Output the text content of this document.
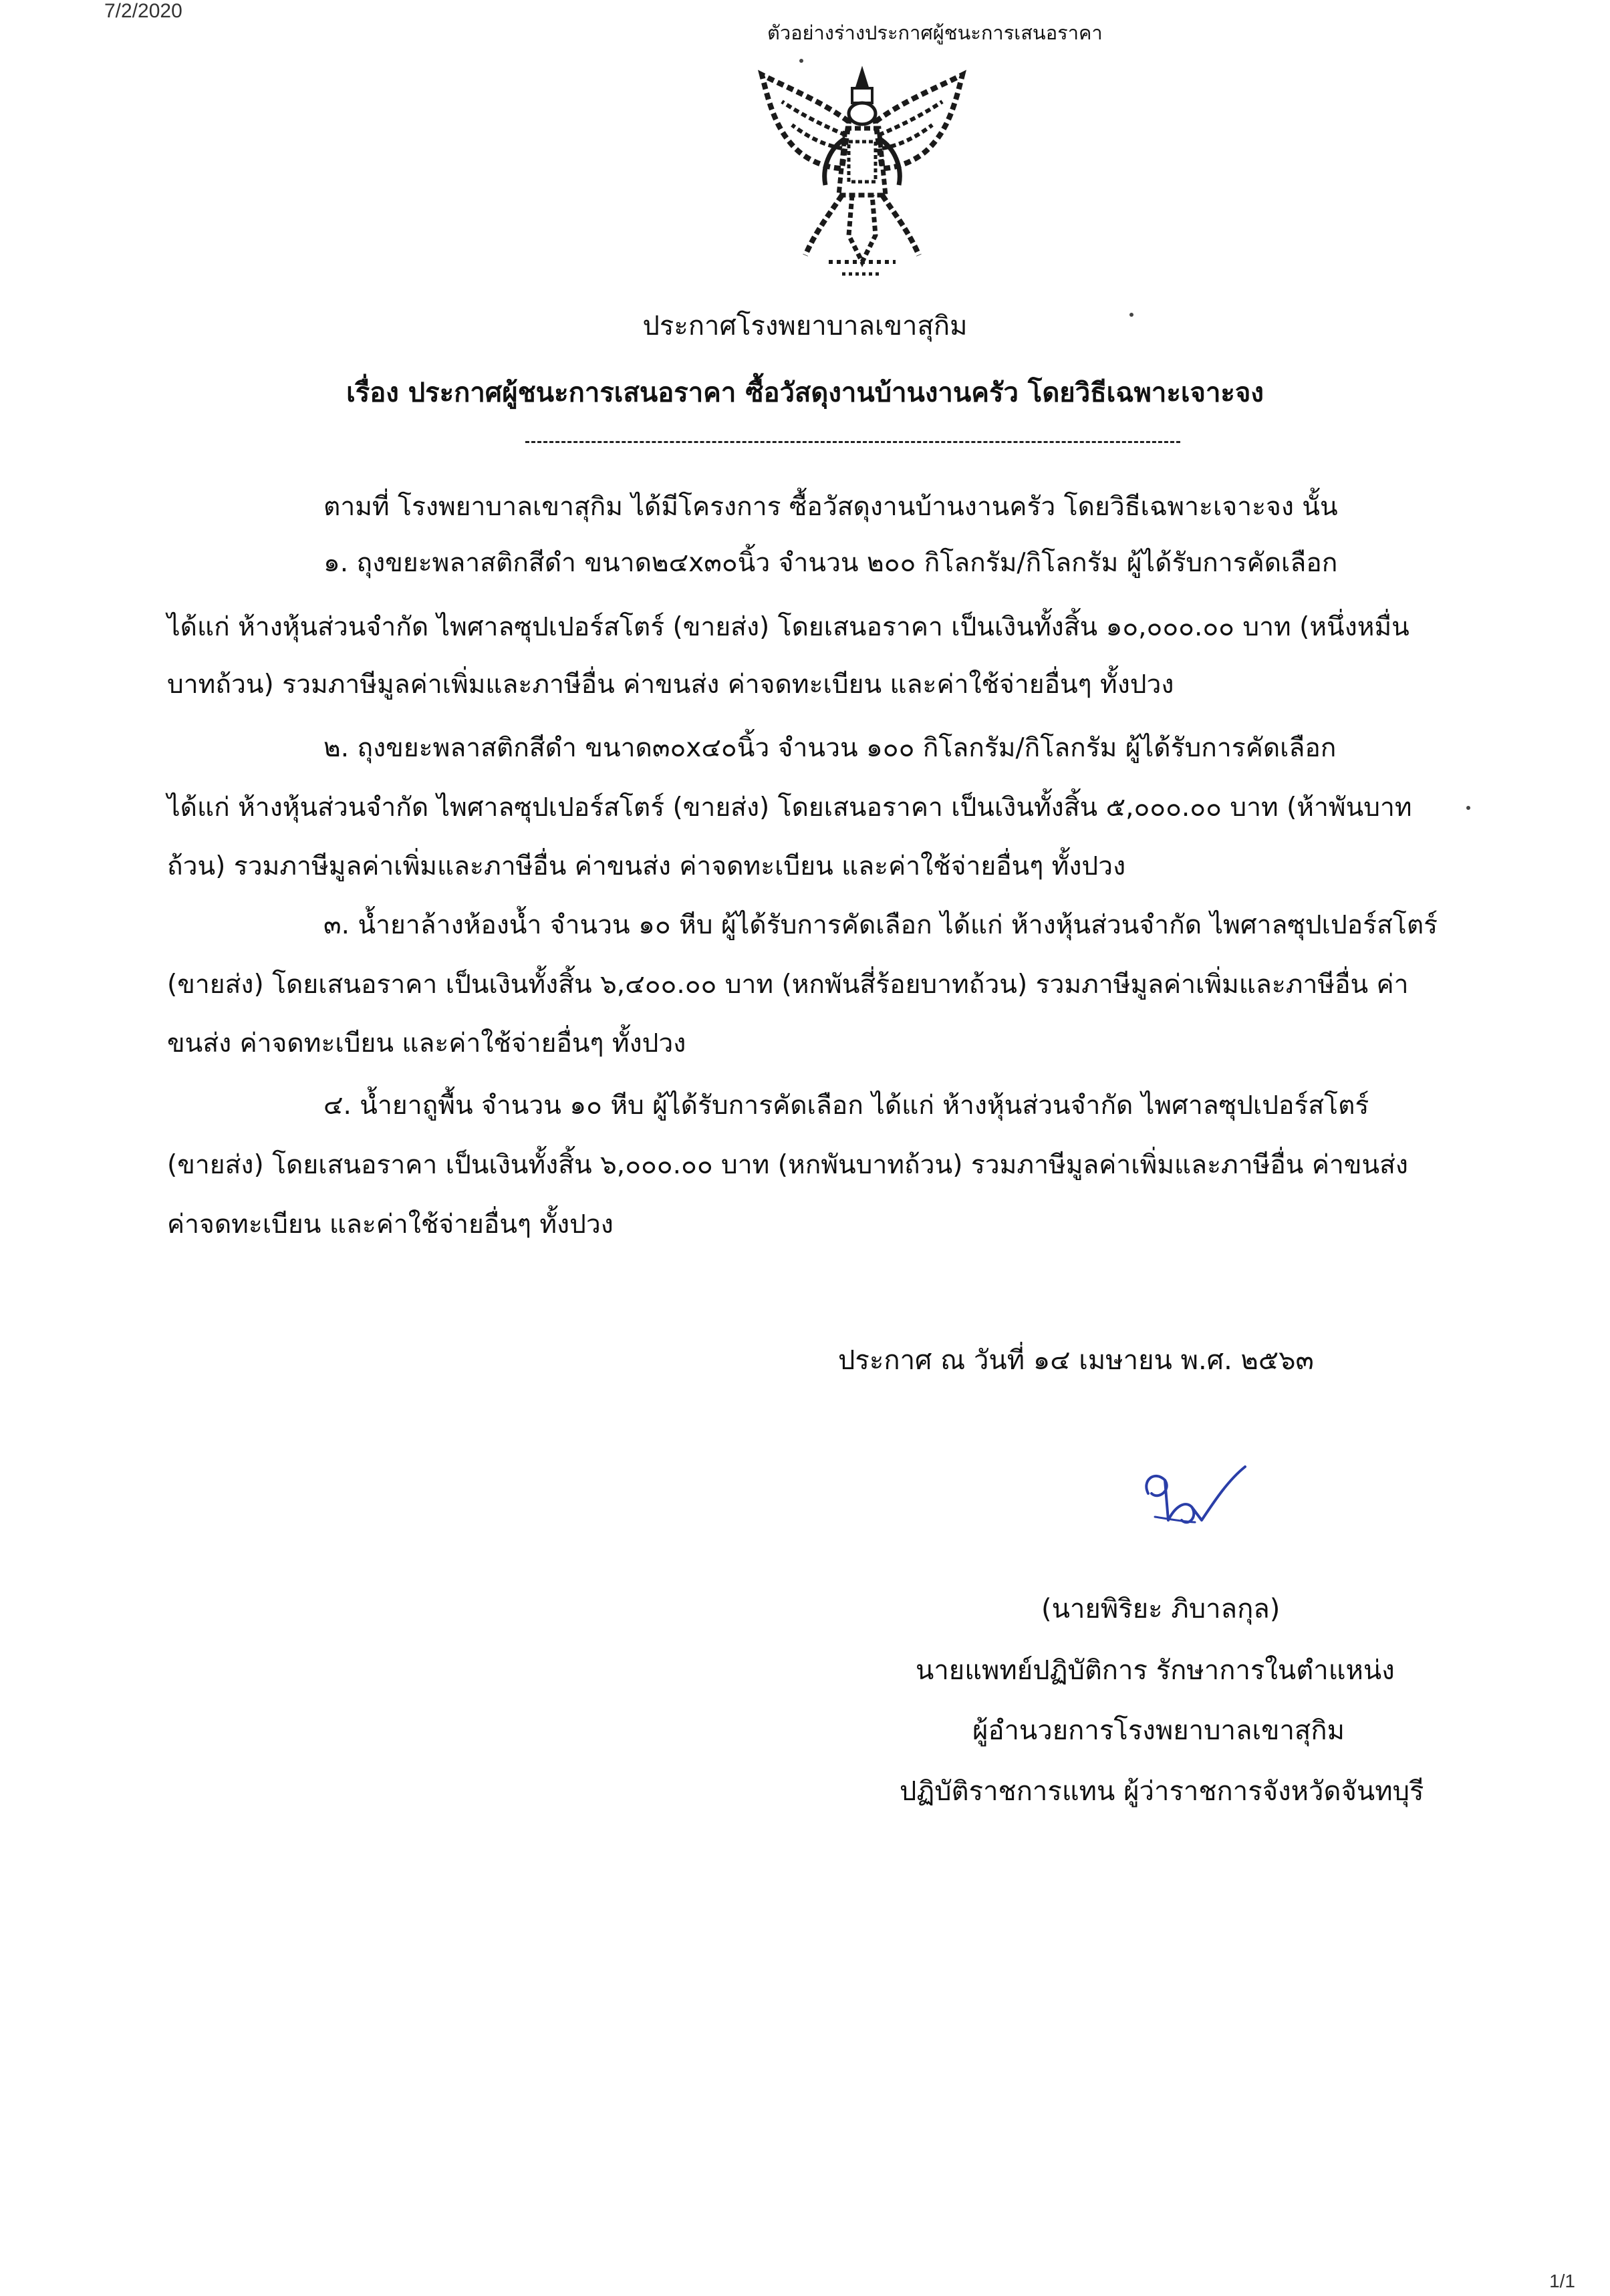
7/2/2020
ตัวอย่างร่างประกาศผู้ชนะการเสนอราคา
ประกาศโรงพยาบาลเขาสุกิม
เรื่อง ประกาศผู้ชนะการเสนอราคา ซื้อวัสดุงานบ้านงานครัว โดยวิธีเฉพาะเจาะจง
ตามที่ โรงพยาบาลเขาสุกิม ได้มีโครงการ ซื้อวัสดุงานบ้านงานครัว โดยวิธีเฉพาะเจาะจง นั้น
๑. ถุงขยะพลาสติกสีดำ ขนาด๒๔x๓๐นิ้ว จำนวน ๒๐๐ กิโลกรัม/กิโลกรัม ผู้ได้รับการคัดเลือก
ได้แก่ ห้างหุ้นส่วนจำกัด ไพศาลซุปเปอร์สโตร์ (ขายส่ง) โดยเสนอราคา เป็นเงินทั้งสิ้น ๑๐,๐๐๐.๐๐ บาท (หนึ่งหมื่น
บาทถ้วน) รวมภาษีมูลค่าเพิ่มและภาษีอื่น ค่าขนส่ง ค่าจดทะเบียน และค่าใช้จ่ายอื่นๆ ทั้งปวง
๒. ถุงขยะพลาสติกสีดำ ขนาด๓๐x๔๐นิ้ว จำนวน ๑๐๐ กิโลกรัม/กิโลกรัม ผู้ได้รับการคัดเลือก
ได้แก่ ห้างหุ้นส่วนจำกัด ไพศาลซุปเปอร์สโตร์ (ขายส่ง) โดยเสนอราคา เป็นเงินทั้งสิ้น ๕,๐๐๐.๐๐ บาท (ห้าพันบาท
ถ้วน) รวมภาษีมูลค่าเพิ่มและภาษีอื่น ค่าขนส่ง ค่าจดทะเบียน และค่าใช้จ่ายอื่นๆ ทั้งปวง
๓. น้ำยาล้างห้องน้ำ จำนวน ๑๐ หีบ ผู้ได้รับการคัดเลือก ได้แก่ ห้างหุ้นส่วนจำกัด ไพศาลซุปเปอร์สโตร์
(ขายส่ง) โดยเสนอราคา เป็นเงินทั้งสิ้น ๖,๔๐๐.๐๐ บาท (หกพันสี่ร้อยบาทถ้วน) รวมภาษีมูลค่าเพิ่มและภาษีอื่น ค่า
ขนส่ง ค่าจดทะเบียน และค่าใช้จ่ายอื่นๆ ทั้งปวง
๔. น้ำยาถูพื้น จำนวน ๑๐ หีบ ผู้ได้รับการคัดเลือก ได้แก่ ห้างหุ้นส่วนจำกัด ไพศาลซุปเปอร์สโตร์
(ขายส่ง) โดยเสนอราคา เป็นเงินทั้งสิ้น ๖,๐๐๐.๐๐ บาท (หกพันบาทถ้วน) รวมภาษีมูลค่าเพิ่มและภาษีอื่น ค่าขนส่ง
ค่าจดทะเบียน และค่าใช้จ่ายอื่นๆ ทั้งปวง
ประกาศ ณ วันที่ ๑๔ เมษายน พ.ศ. ๒๕๖๓
(นายพิริยะ ภิบาลกุล)
นายแพทย์ปฏิบัติการ รักษาการในตำแหน่ง
ผู้อำนวยการโรงพยาบาลเขาสุกิม
ปฏิบัติราชการแทน ผู้ว่าราชการจังหวัดจันทบุรี
1/1
